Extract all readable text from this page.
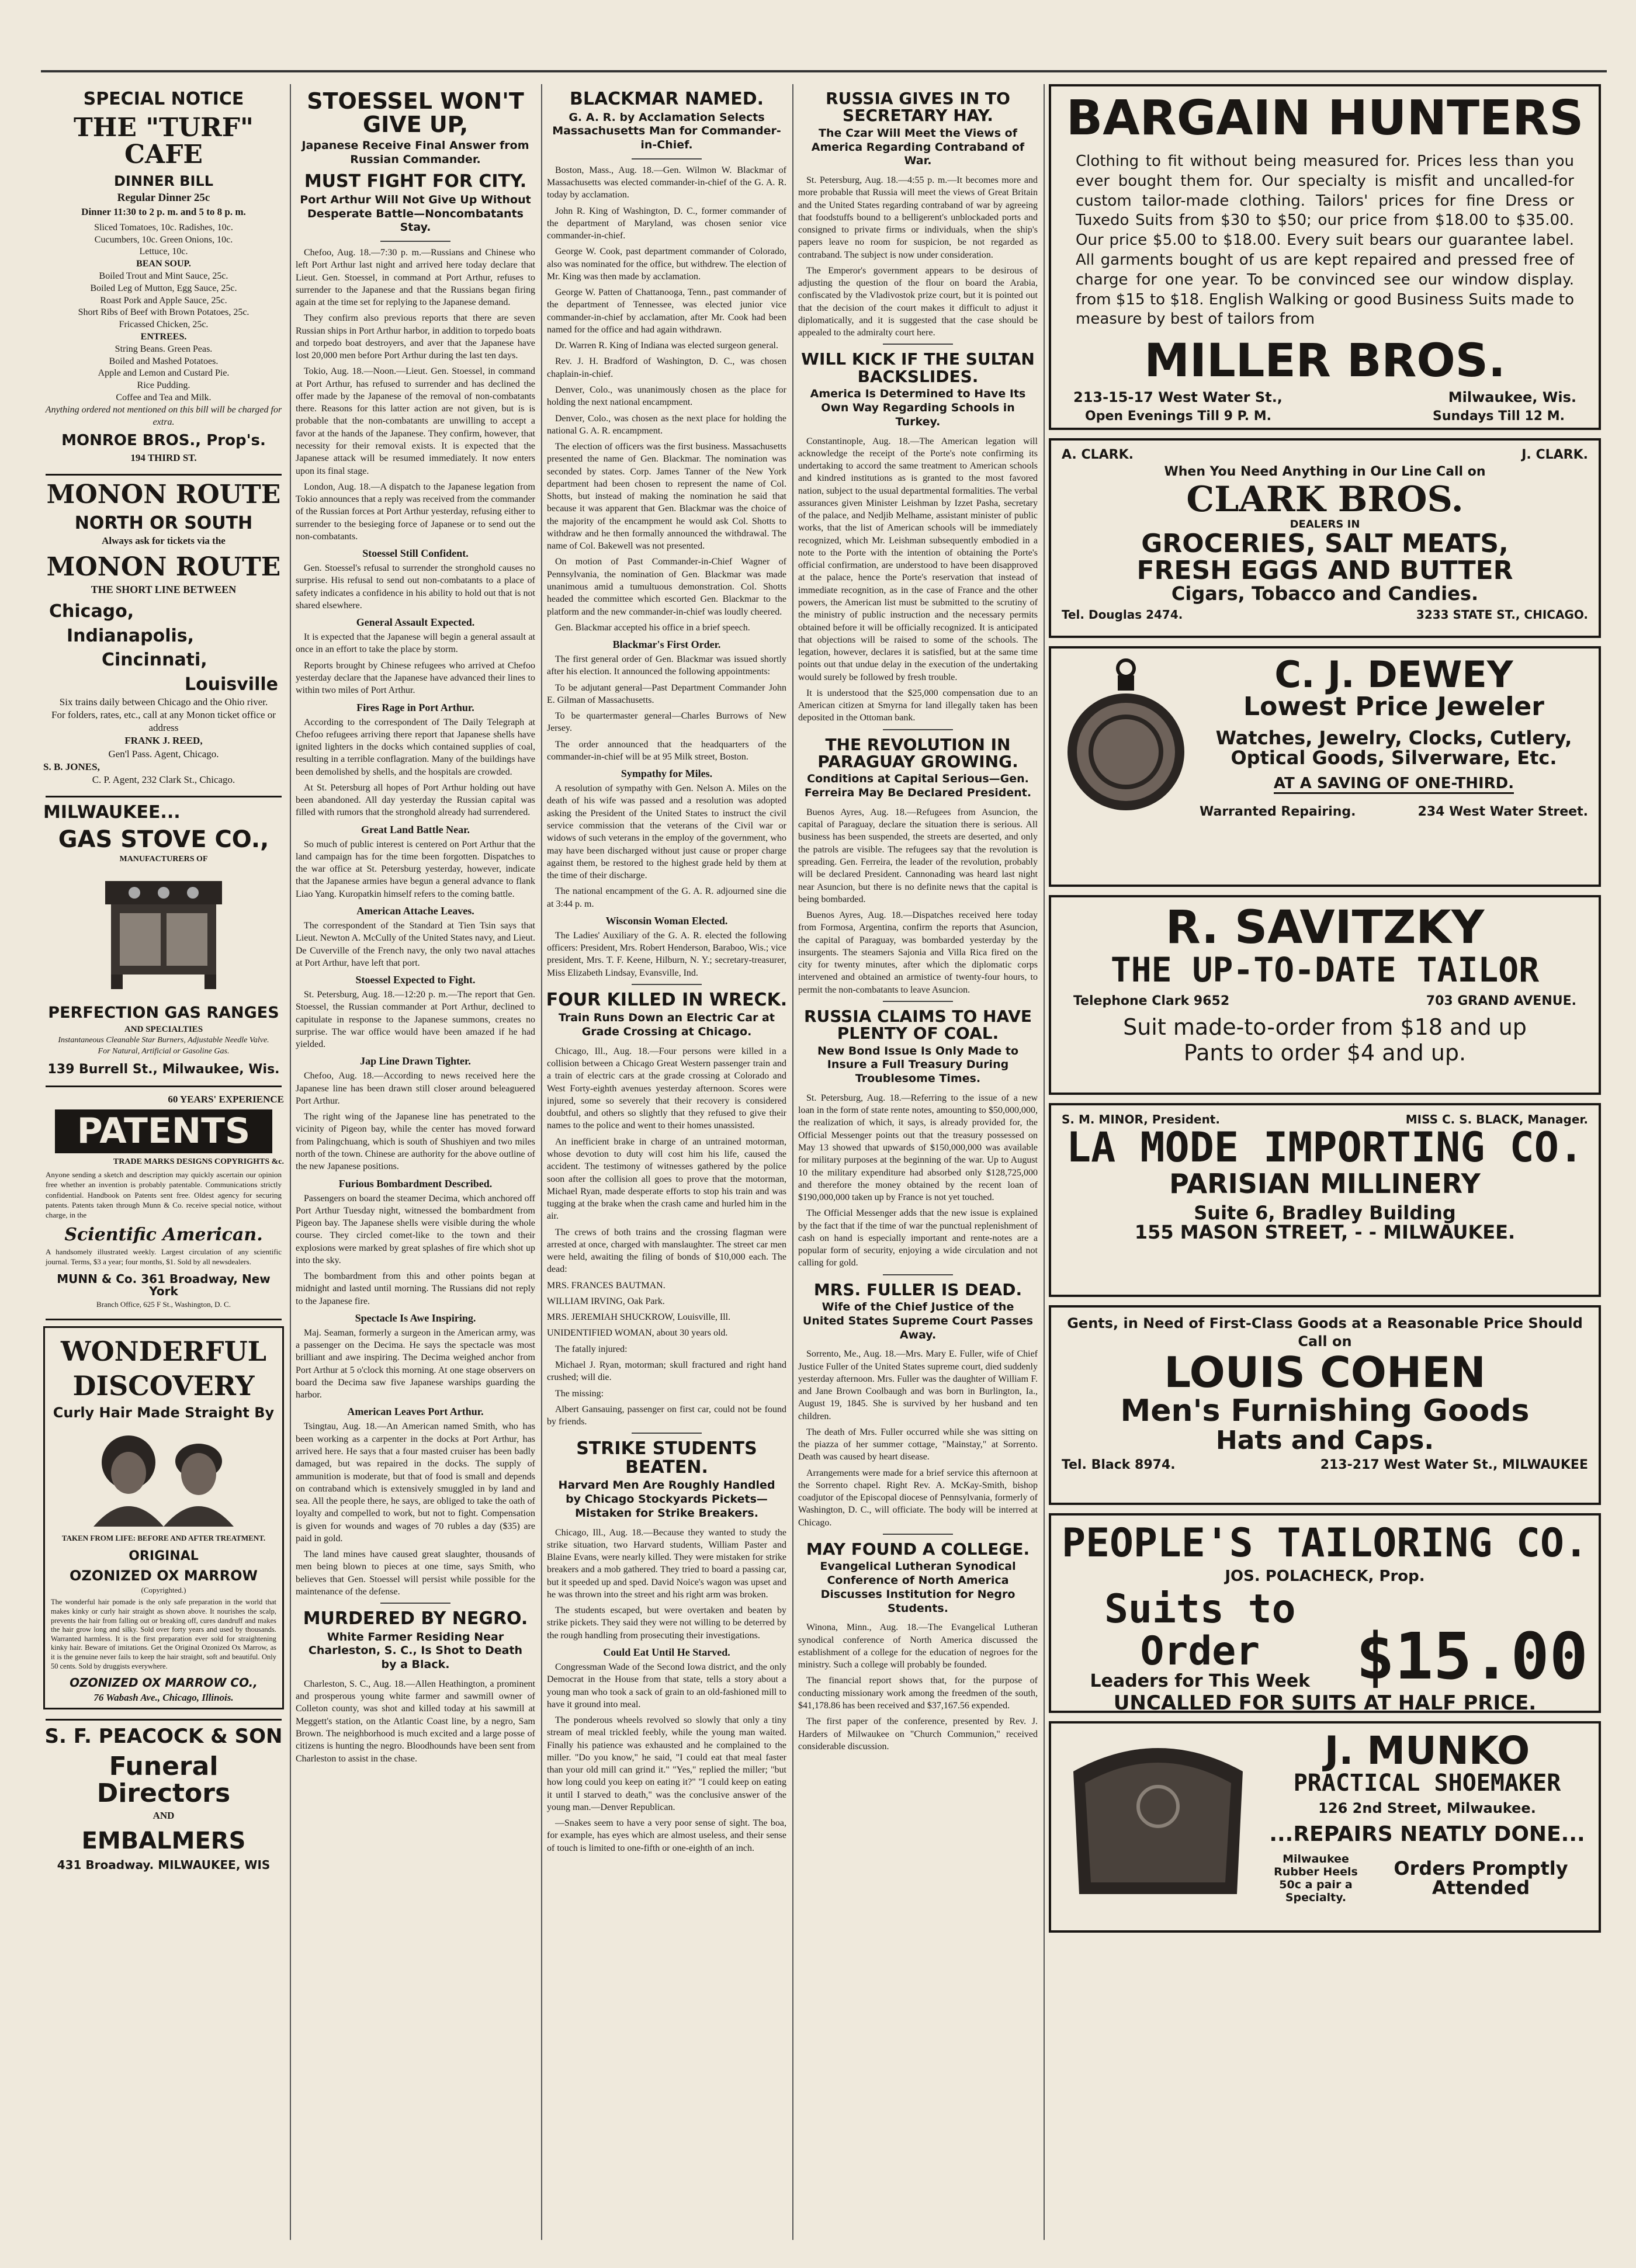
SPECIAL NOTICE
THE "TURF" CAFE
DINNER BILL
Regular Dinner 25c
Dinner 11:30 to 2 p. m. and 5 to 8 p. m.
Sliced Tomatoes, 10c. Radishes, 10c.
Cucumbers, 10c. Green Onions, 10c.
Lettuce, 10c.
BEAN SOUP.
Boiled Trout and Mint Sauce, 25c.
Boiled Leg of Mutton, Egg Sauce, 25c.
Roast Pork and Apple Sauce, 25c.
Short Ribs of Beef with Brown Potatoes, 25c.
Fricassed Chicken, 25c.
ENTREES.
String Beans. Green Peas.
Boiled and Mashed Potatoes.
Apple and Lemon and Custard Pie.
Rice Pudding.
Coffee and Tea and Milk.
Anything ordered not mentioned on this bill will be charged for extra.
MONROE BROS., Prop's.
194 THIRD ST.
MONON ROUTE
NORTH OR SOUTH
Always ask for tickets via the
MONON ROUTE
THE SHORT LINE BETWEEN
Chicago,
Indianapolis,
Cincinnati,
Louisville
Six trains daily between Chicago and the Ohio river.
For folders, rates, etc., call at any Monon ticket office or address
FRANK J. REED,
Gen'l Pass. Agent, Chicago.
S. B. JONES,
C. P. Agent, 232 Clark St., Chicago.
MILWAUKEE...
GAS STOVE CO.,
MANUFACTURERS OF
PERFECTION GAS RANGES
AND SPECIALTIES
Instantaneous Cleanable Star Burners, Adjustable Needle Valve.
For Natural, Artificial or Gasoline Gas.
139 Burrell St., Milwaukee, Wis.
60 YEARS' EXPERIENCE
PATENTS
TRADE MARKS DESIGNS COPYRIGHTS &c.
Anyone sending a sketch and description may quickly ascertain our opinion free whether an invention is probably patentable. Communications strictly confidential. Handbook on Patents sent free. Oldest agency for securing patents. Patents taken through Munn & Co. receive special notice, without charge, in the
Scientific American.
A handsomely illustrated weekly. Largest circulation of any scientific journal. Terms, $3 a year; four months, $1. Sold by all newsdealers.
MUNN & Co. 361 Broadway, New York
Branch Office, 625 F St., Washington, D. C.
WONDERFUL
DISCOVERY
Curly Hair Made Straight By
TAKEN FROM LIFE: BEFORE AND AFTER TREATMENT.
ORIGINAL
OZONIZED OX MARROW
(Copyrighted.)
The wonderful hair pomade is the only safe preparation in the world that makes kinky or curly hair straight as shown above. It nourishes the scalp, prevents the hair from falling out or breaking off, cures dandruff and makes the hair grow long and silky. Sold over forty years and used by thousands. Warranted harmless. It is the first preparation ever sold for straightening kinky hair. Beware of imitations. Get the Original Ozonized Ox Marrow, as it is the genuine never fails to keep the hair straight, soft and beautiful. Only 50 cents. Sold by druggists everywhere.
OZONIZED OX MARROW CO.,
76 Wabash Ave., Chicago, Illinois.
S. F. PEACOCK & SON
Funeral Directors
AND
EMBALMERS
431 Broadway. MILWAUKEE, WIS
STOESSEL WON'T GIVE UP,
Japanese Receive Final Answer from Russian Commander.
MUST FIGHT FOR CITY.
Port Arthur Will Not Give Up Without Desperate Battle—Noncombatants Stay.

Chefoo, Aug. 18.—7:30 p. m.—Russians and Chinese who left Port Arthur last night and arrived here today declare that Lieut. Gen. Stoessel, in command at Port Arthur, refuses to surrender to the Japanese and that the Russians began firing again at the time set for replying to the Japanese demand.

They confirm also previous reports that there are seven Russian ships in Port Arthur harbor, in addition to torpedo boats and torpedo boat destroyers, and aver that the Japanese have lost 20,000 men before Port Arthur during the last ten days.

Tokio, Aug. 18.—Noon.—Lieut. Gen. Stoessel, in command at Port Arthur, has refused to surrender and has declined the offer made by the Japanese of the removal of non-combatants there. Reasons for this latter action are not given, but is is probable that the non-combatants are unwilling to accept a favor at the hands of the Japanese. They confirm, however, that necessity for their removal exists. It is expected that the Japanese attack will be resumed immediately. It now enters upon its final stage.

London, Aug. 18.—A dispatch to the Japanese legation from Tokio announces that a reply was received from the commander of the Russian forces at Port Arthur yesterday, refusing either to surrender to the besieging force of Japanese or to send out the non-combatants.

Stoessel Still Confident.

Gen. Stoessel's refusal to surrender the stronghold causes no surprise. His refusal to send out non-combatants to a place of safety indicates a confidence in his ability to hold out that is not shared elsewhere.

General Assault Expected.

It is expected that the Japanese will begin a general assault at once in an effort to take the place by storm.

Reports brought by Chinese refugees who arrived at Chefoo yesterday declare that the Japanese have advanced their lines to within two miles of Port Arthur.

Fires Rage in Port Arthur.

According to the correspondent of The Daily Telegraph at Chefoo refugees arriving there report that Japanese shells have ignited lighters in the docks which contained supplies of coal, resulting in a terrible conflagration. Many of the buildings have been demolished by shells, and the hospitals are crowded.

At St. Petersburg all hopes of Port Arthur holding out have been abandoned. All day yesterday the Russian capital was filled with rumors that the stronghold already had surrendered.

Great Land Battle Near.

So much of public interest is centered on Port Arthur that the land campaign has for the time been forgotten. Dispatches to the war office at St. Petersburg yesterday, however, indicate that the Japanese armies have begun a general advance to flank Liao Yang. Kuropatkin himself refers to the coming battle.

American Attache Leaves.

The correspondent of the Standard at Tien Tsin says that Lieut. Newton A. McCully of the United States navy, and Lieut. De Cuverville of the French navy, the only two naval attaches at Port Arthur, have left that port.

Stoessel Expected to Fight.

St. Petersburg, Aug. 18.—12:20 p. m.—The report that Gen. Stoessel, the Russian commander at Port Arthur, declined to capitulate in response to the Japanese summons, creates no surprise. The war office would have been amazed if he had yielded.

Jap Line Drawn Tighter.

Chefoo, Aug. 18.—According to news received here the Japanese line has been drawn still closer around beleaguered Port Arthur.

The right wing of the Japanese line has penetrated to the vicinity of Pigeon bay, while the center has moved forward from Palingchuang, which is south of Shushiyen and two miles north of the town. Chinese are authority for the above outline of the new Japanese positions.

Furious Bombardment Described.

Passengers on board the steamer Decima, which anchored off Port Arthur Tuesday night, witnessed the bombardment from Pigeon bay. The Japanese shells were visible during the whole course. They circled comet-like to the town and their explosions were marked by great splashes of fire which shot up into the sky.

The bombardment from this and other points began at midnight and lasted until morning. The Russians did not reply to the Japanese fire.

Spectacle Is Awe Inspiring.

Maj. Seaman, formerly a surgeon in the American army, was a passenger on the Decima. He says the spectacle was most brilliant and awe inspiring. The Decima weighed anchor from Port Arthur at 5 o'clock this morning. At one stage observers on board the Decima saw five Japanese warships guarding the harbor.

American Leaves Port Arthur.

Tsingtau, Aug. 18.—An American named Smith, who has been working as a carpenter in the docks at Port Arthur, has arrived here. He says that a four masted cruiser has been badly damaged, but was repaired in the docks. The supply of ammunition is moderate, but that of food is small and depends on contraband which is extensively smuggled in by land and sea. All the people there, he says, are obliged to take the oath of loyalty and compelled to work, but not to fight. Compensation is given for wounds and wages of 70 rubles a day ($35) are paid in gold.

The land mines have caused great slaughter, thousands of men being blown to pieces at one time, says Smith, who believes that Gen. Stoessel will persist while possible for the maintenance of the defense.

MURDERED BY NEGRO.
White Farmer Residing Near Charleston, S. C., Is Shot to Death by a Black.

Charleston, S. C., Aug. 18.—Allen Heathington, a prominent and prosperous young white farmer and sawmill owner of Colleton county, was shot and killed today at his sawmill at Meggett's station, on the Atlantic Coast line, by a negro, Sam Brown. The neighborhood is much excited and a large posse of citizens is hunting the negro. Bloodhounds have been sent from Charleston to assist in the chase.

BLACKMAR NAMED.
G. A. R. by Acclamation Selects Massachusetts Man for Commander-in-Chief.

Boston, Mass., Aug. 18.—Gen. Wilmon W. Blackmar of Massachusetts was elected commander-in-chief of the G. A. R. today by acclamation.

John R. King of Washington, D. C., former commander of the department of Maryland, was chosen senior vice commander-in-chief.

George W. Cook, past department commander of Colorado, also was nominated for the office, but withdrew. The election of Mr. King was then made by acclamation.

George W. Patten of Chattanooga, Tenn., past commander of the department of Tennessee, was elected junior vice commander-in-chief by acclamation, after Mr. Cook had been named for the office and had again withdrawn.

Dr. Warren R. King of Indiana was elected surgeon general.

Rev. J. H. Bradford of Washington, D. C., was chosen chaplain-in-chief.

Denver, Colo., was unanimously chosen as the place for holding the next national encampment.

Denver, Colo., was chosen as the next place for holding the national G. A. R. encampment.

The election of officers was the first business. Massachusetts presented the name of Gen. Blackmar. The nomination was seconded by states. Corp. James Tanner of the New York department had been chosen to represent the name of Col. Shotts, but instead of making the nomination he said that because it was apparent that Gen. Blackmar was the choice of the majority of the encampment he would ask Col. Shotts to withdraw and he then formally announced the withdrawal. The name of Col. Bakewell was not presented.

On motion of Past Commander-in-Chief Wagner of Pennsylvania, the nomination of Gen. Blackmar was made unanimous amid a tumultuous demonstration. Col. Shotts headed the committee which escorted Gen. Blackmar to the platform and the new commander-in-chief was loudly cheered.

Gen. Blackmar accepted his office in a brief speech.

Blackmar's First Order.

The first general order of Gen. Blackmar was issued shortly after his election. It announced the following appointments:

To be adjutant general—Past Department Commander John E. Gilman of Massachusetts.

To be quartermaster general—Charles Burrows of New Jersey.

The order announced that the headquarters of the commander-in-chief will be at 95 Milk street, Boston.

Sympathy for Miles.

A resolution of sympathy with Gen. Nelson A. Miles on the death of his wife was passed and a resolution was adopted asking the President of the United States to instruct the civil service commission that the veterans of the Civil war or widows of such veterans in the employ of the government, who may have been discharged without just cause or proper charge against them, be restored to the highest grade held by them at the time of their discharge.

The national encampment of the G. A. R. adjourned sine die at 3:44 p. m.

Wisconsin Woman Elected.

The Ladies' Auxiliary of the G. A. R. elected the following officers: President, Mrs. Robert Henderson, Baraboo, Wis.; vice president, Mrs. T. F. Keene, Hilburn, N. Y.; secretary-treasurer, Miss Elizabeth Lindsay, Evansville, Ind.

FOUR KILLED IN WRECK.
Train Runs Down an Electric Car at Grade Crossing at Chicago.

Chicago, Ill., Aug. 18.—Four persons were killed in a collision between a Chicago Great Western passenger train and a train of electric cars at the grade crossing at Colorado and West Forty-eighth avenues yesterday afternoon. Scores were injured, some so severely that their recovery is considered doubtful, and others so slightly that they refused to give their names to the police and went to their homes unassisted.

An inefficient brake in charge of an untrained motorman, whose devotion to duty will cost him his life, caused the accident. The testimony of witnesses gathered by the police soon after the collision all goes to prove that the motorman, Michael Ryan, made desperate efforts to stop his train and was tugging at the brake when the crash came and hurled him in the air.

The crews of both trains and the crossing flagman were arrested at once, charged with manslaughter. The street car men were held, awaiting the filing of bonds of $10,000 each. The dead:

MRS. FRANCES BAUTMAN.

WILLIAM IRVING, Oak Park.

MRS. JEREMIAH SHUCKROW, Louisville, Ill.

UNIDENTIFIED WOMAN, about 30 years old.

The fatally injured:

Michael J. Ryan, motorman; skull fractured and right hand crushed; will die.

The missing:

Albert Gansauing, passenger on first car, could not be found by friends.

STRIKE STUDENTS BEATEN.
Harvard Men Are Roughly Handled by Chicago Stockyards Pickets—Mistaken for Strike Breakers.

Chicago, Ill., Aug. 18.—Because they wanted to study the strike situation, two Harvard students, William Paster and Blaine Evans, were nearly killed. They were mistaken for strike breakers and a mob gathered. They tried to board a passing car, but it speeded up and sped. David Noice's wagon was upset and he was thrown into the street and his right arm was broken.

The students escaped, but were overtaken and beaten by strike pickets. They said they were not willing to be deterred by the rough handling from prosecuting their investigations.

Could Eat Until He Starved.

Congressman Wade of the Second Iowa district, and the only Democrat in the House from that state, tells a story about a young man who took a sack of grain to an old-fashioned mill to have it ground into meal.

The ponderous wheels revolved so slowly that only a tiny stream of meal trickled feebly, while the young man waited. Finally his patience was exhausted and he complained to the miller. "Do you know," he said, "I could eat that meal faster than your old mill can grind it." "Yes," replied the miller; "but how long could you keep on eating it?" "I could keep on eating it until I starved to death," was the conclusive answer of the young man.—Denver Republican.

—Snakes seem to have a very poor sense of sight. The boa, for example, has eyes which are almost useless, and their sense of touch is limited to one-fifth or one-eighth of an inch.

RUSSIA GIVES IN TO SECRETARY HAY.
The Czar Will Meet the Views of America Regarding Contraband of War.

St. Petersburg, Aug. 18.—4:55 p. m.—It becomes more and more probable that Russia will meet the views of Great Britain and the United States regarding contraband of war by agreeing that foodstuffs bound to a belligerent's unblockaded ports and consigned to private firms or individuals, when the ship's papers leave no room for suspicion, be not regarded as contraband. The subject is now under consideration.

The Emperor's government appears to be desirous of adjusting the question of the flour on board the Arabia, confiscated by the Vladivostok prize court, but it is pointed out that the decision of the court makes it difficult to adjust it diplomatically, and it is suggested that the case should be appealed to the admiralty court here.

WILL KICK IF THE SULTAN BACKSLIDES.
America Is Determined to Have Its Own Way Regarding Schools in Turkey.

Constantinople, Aug. 18.—The American legation will acknowledge the receipt of the Porte's note confirming its undertaking to accord the same treatment to American schools and kindred institutions as is granted to the most favored nation, subject to the usual departmental formalities. The verbal assurances given Minister Leishman by Izzet Pasha, secretary of the palace, and Nedjib Melhame, assistant minister of public works, that the list of American schools will be immediately recognized, which Mr. Leishman subsequently embodied in a note to the Porte with the intention of obtaining the Porte's official confirmation, are understood to have been disapproved at the palace, hence the Porte's reservation that instead of immediate recognition, as in the case of France and the other powers, the American list must be submitted to the scrutiny of the ministry of public instruction and the necessary permits obtained before it will be officially recognized. It is anticipated that objections will be raised to some of the schools. The legation, however, declares it is satisfied, but at the same time points out that undue delay in the execution of the undertaking would surely be followed by fresh trouble.

It is understood that the $25,000 compensation due to an American citizen at Smyrna for land illegally taken has been deposited in the Ottoman bank.

THE REVOLUTION IN PARAGUAY GROWING.
Conditions at Capital Serious—Gen. Ferreira May Be Declared President.

Buenos Ayres, Aug. 18.—Refugees from Asuncion, the capital of Paraguay, declare the situation there is serious. All business has been suspended, the streets are deserted, and only the patrols are visible. The refugees say that the revolution is spreading. Gen. Ferreira, the leader of the revolution, probably will be declared President. Cannonading was heard last night near Asuncion, but there is no definite news that the capital is being bombarded.

Buenos Ayres, Aug. 18.—Dispatches received here today from Formosa, Argentina, confirm the reports that Asuncion, the capital of Paraguay, was bombarded yesterday by the insurgents. The steamers Sajonia and Villa Rica fired on the city for twenty minutes, after which the diplomatic corps intervened and obtained an armistice of twenty-four hours, to permit the non-combatants to leave Asuncion.

RUSSIA CLAIMS TO HAVE PLENTY OF COAL.
New Bond Issue Is Only Made to Insure a Full Treasury During Troublesome Times.

St. Petersburg, Aug. 18.—Referring to the issue of a new loan in the form of state rente notes, amounting to $50,000,000, the realization of which, it says, is already provided for, the Official Messenger points out that the treasury possessed on May 13 showed that upwards of $150,000,000 was available for military purposes at the beginning of the war. Up to August 10 the military expenditure had absorbed only $128,725,000 and therefore the money obtained by the recent loan of $190,000,000 taken up by France is not yet touched.

The Official Messenger adds that the new issue is explained by the fact that if the time of war the punctual replenishment of cash on hand is especially important and rente-notes are a popular form of security, enjoying a wide circulation and not calling for gold.

MRS. FULLER IS DEAD.
Wife of the Chief Justice of the United States Supreme Court Passes Away.

Sorrento, Me., Aug. 18.—Mrs. Mary E. Fuller, wife of Chief Justice Fuller of the United States supreme court, died suddenly yesterday afternoon. Mrs. Fuller was the daughter of William F. and Jane Brown Coolbaugh and was born in Burlington, Ia., August 19, 1845. She is survived by her husband and ten children.

The death of Mrs. Fuller occurred while she was sitting on the piazza of her summer cottage, "Mainstay," at Sorrento. Death was caused by heart disease.

Arrangements were made for a brief service this afternoon at the Sorrento chapel. Right Rev. A. McKay-Smith, bishop coadjutor of the Episcopal diocese of Pennsylvania, formerly of Washington, D. C., will officiate. The body will be interred at Chicago.

MAY FOUND A COLLEGE.
Evangelical Lutheran Synodical Conference of North America Discusses Institution for Negro Students.

Winona, Minn., Aug. 18.—The Evangelical Lutheran synodical conference of North America discussed the establishment of a college for the education of negroes for the ministry. Such a college will probably be founded.

The financial report shows that, for the purpose of conducting missionary work among the freedmen of the south, $41,178.86 has been received and $37,167.56 expended.

The first paper of the conference, presented by Rev. J. Harders of Milwaukee on "Church Communion," received considerable discussion.

BARGAIN HUNTERS
Clothing to fit without being measured for. Prices less than you ever bought them for. Our specialty is misfit and uncalled-for custom tailor-made clothing. Tailors' prices for fine Dress or Tuxedo Suits from $30 to $50; our price from $18.00 to $35.00. Our price $5.00 to $18.00. Every suit bears our guarantee label. All garments bought of us are kept repaired and pressed free of charge for one year. To be convinced see our window display. from $15 to $18. English Walking or good Business Suits made to measure by best of tailors from
MILLER BROS.
213-15-17 West Water St.,	Milwaukee, Wis.
Open Evenings Till 9 P. M.	Sundays Till 12 M.
A. CLARK.	J. CLARK.
When You Need Anything in Our Line Call on
CLARK BROS.
DEALERS IN
GROCERIES, SALT MEATS,
FRESH EGGS AND BUTTER
Cigars, Tobacco and Candies.
Tel. Douglas 2474.	3233 STATE ST., CHICAGO.
C. J. DEWEY
Lowest Price Jeweler
Watches, Jewelry, Clocks, Cutlery,
Optical Goods, Silverware, Etc.
AT A SAVING OF ONE-THIRD.
Warranted Repairing.	234 West Water Street.
R. SAVITZKY
THE UP-TO-DATE TAILOR
Telephone Clark 9652	703 GRAND AVENUE.
Suit made-to-order from $18 and up
Pants to order $4 and up.
S. M. MINOR, President.	MISS C. S. BLACK, Manager.
LA MODE IMPORTING CO.
PARISIAN MILLINERY
Suite 6, Bradley Building
155 MASON STREET, - - MILWAUKEE.
Gents, in Need of First-Class Goods at a Reasonable Price Should Call on
LOUIS COHEN
Men's Furnishing Goods
Hats and Caps.
Tel. Black 8974.	213-217 West Water St., MILWAUKEE
PEOPLE'S TAILORING CO.
JOS. POLACHECK, Prop.
Suits to Order
Leaders for This Week $15.00
UNCALLED FOR SUITS AT HALF PRICE.
J. MUNKO
PRACTICAL SHOEMAKER
126 2nd Street, Milwaukee.
...REPAIRS NEATLY DONE...
Milwaukee Rubber Heels 50c a pair a Specialty.
Orders Promptly Attended
